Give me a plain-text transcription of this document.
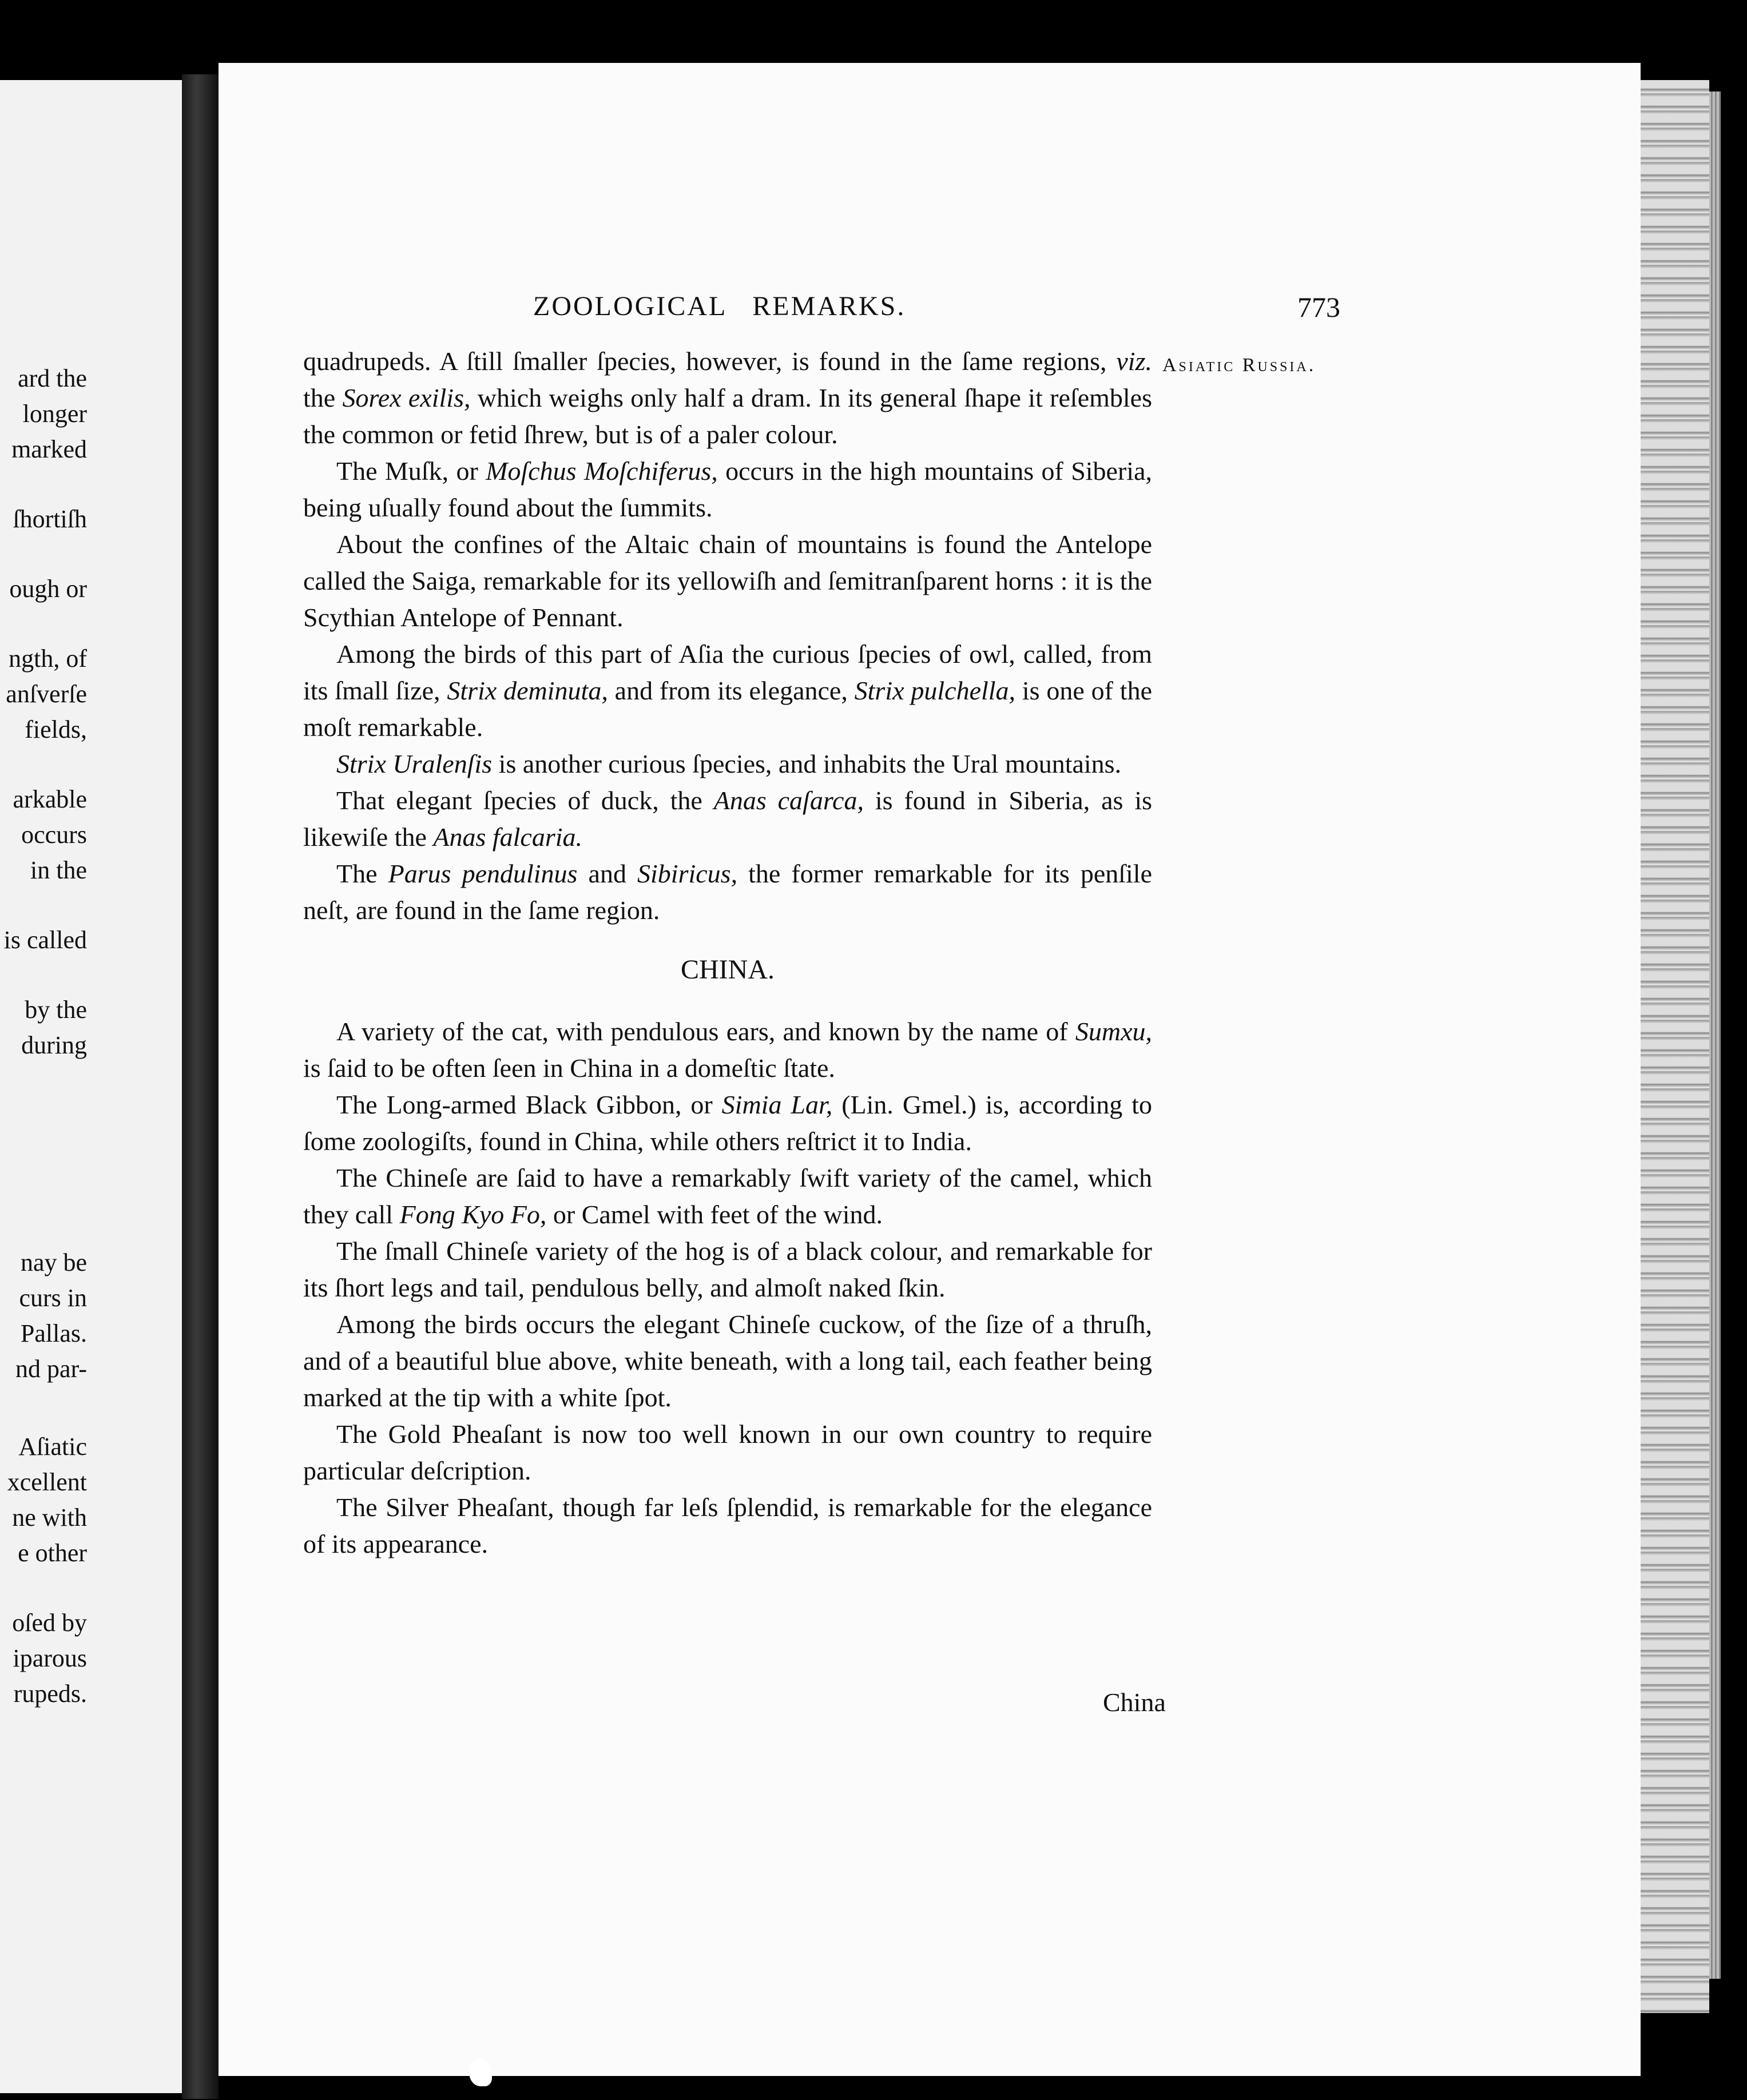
ard the
longer
marked
ſhortiſh
ough or
ngth, of
anſverſe
fields,
arkable
occurs
in the
is called
by the
during
nay be
curs in
Pallas.
nd par-
Aſiatic
xcellent
ne with
e other
oſed by
iparous
rupeds.
ZOOLOGICAL REMARKS.	773
Asiatic Russia.

quadrupeds. A ſtill ſmaller ſpecies, however, is found in the ſame regions, viz. the Sorex exilis, which weighs only half a dram. In its general ſhape it reſembles the common or fetid ſhrew, but is of a paler colour.

The Muſk, or Moſchus Moſchiferus, occurs in the high mountains of Siberia, being uſually found about the ſummits.

About the confines of the Altaic chain of mountains is found the Antelope called the Saiga, remarkable for its yellowiſh and ſemitranſparent horns : it is the Scythian Antelope of Pennant.

Among the birds of this part of Aſia the curious ſpecies of owl, called, from its ſmall ſize, Strix deminuta, and from its elegance, Strix pulchella, is one of the moſt remarkable.

Strix Uralenſis is another curious ſpecies, and inhabits the Ural mountains.

That elegant ſpecies of duck, the Anas caſarca, is found in Siberia, as is likewiſe the Anas falcaria.

The Parus pendulinus and Sibiricus, the former remarkable for its penſile neſt, are found in the ſame region.

CHINA.

A variety of the cat, with pendulous ears, and known by the name of Sumxu, is ſaid to be often ſeen in China in a domeſtic ſtate.

The Long-armed Black Gibbon, or Simia Lar, (Lin. Gmel.) is, according to ſome zoologiſts, found in China, while others reſtrict it to India.

The Chineſe are ſaid to have a remarkably ſwift variety of the camel, which they call Fong Kyo Fo, or Camel with feet of the wind.

The ſmall Chineſe variety of the hog is of a black colour, and remarkable for its ſhort legs and tail, pendulous belly, and almoſt naked ſkin.

Among the birds occurs the elegant Chineſe cuckow, of the ſize of a thruſh, and of a beautiful blue above, white beneath, with a long tail, each feather being marked at the tip with a white ſpot.

The Gold Pheaſant is now too well known in our own country to require particular deſcription.

The Silver Pheaſant, though far leſs ſplendid, is remarkable for the elegance of its appearance.

China
